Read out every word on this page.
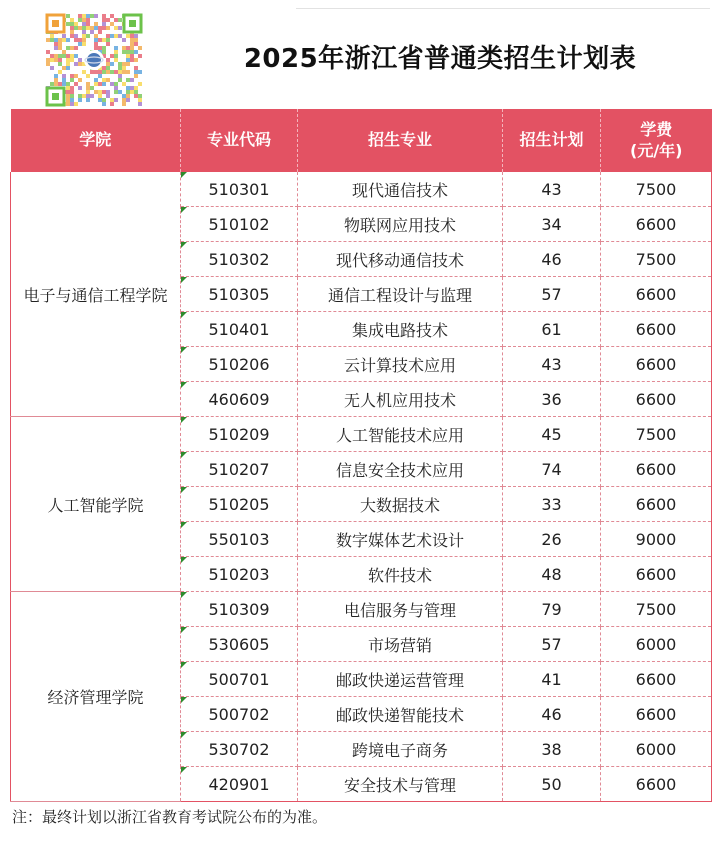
2025年浙江省普通类招生计划表
学院	专业代码	招生专业	招生计划	学费
(元/年)

电子与通信工程学院	510301	现代通信技术	43	7500

510102	物联网应用技术	34	6600

510302	现代移动通信技术	46	7500

510305	通信工程设计与监理	57	6600

510401	集成电路技术	61	6600

510206	云计算技术应用	43	6600

460609	无人机应用技术	36	6600
人工智能学院	510209	人工智能技术应用	45	7500

510207	信息安全技术应用	74	6600

510205	大数据技术	33	6600

550103	数字媒体艺术设计	26	9000

510203	软件技术	48	6600
经济管理学院	510309	电信服务与管理	79	7500

530605	市场营销	57	6000

500701	邮政快递运营管理	41	6600

500702	邮政快递智能技术	46	6600

530702	跨境电子商务	38	6000

420901	安全技术与管理	50	6600
注：最终计划以浙江省教育考试院公布的为准。
